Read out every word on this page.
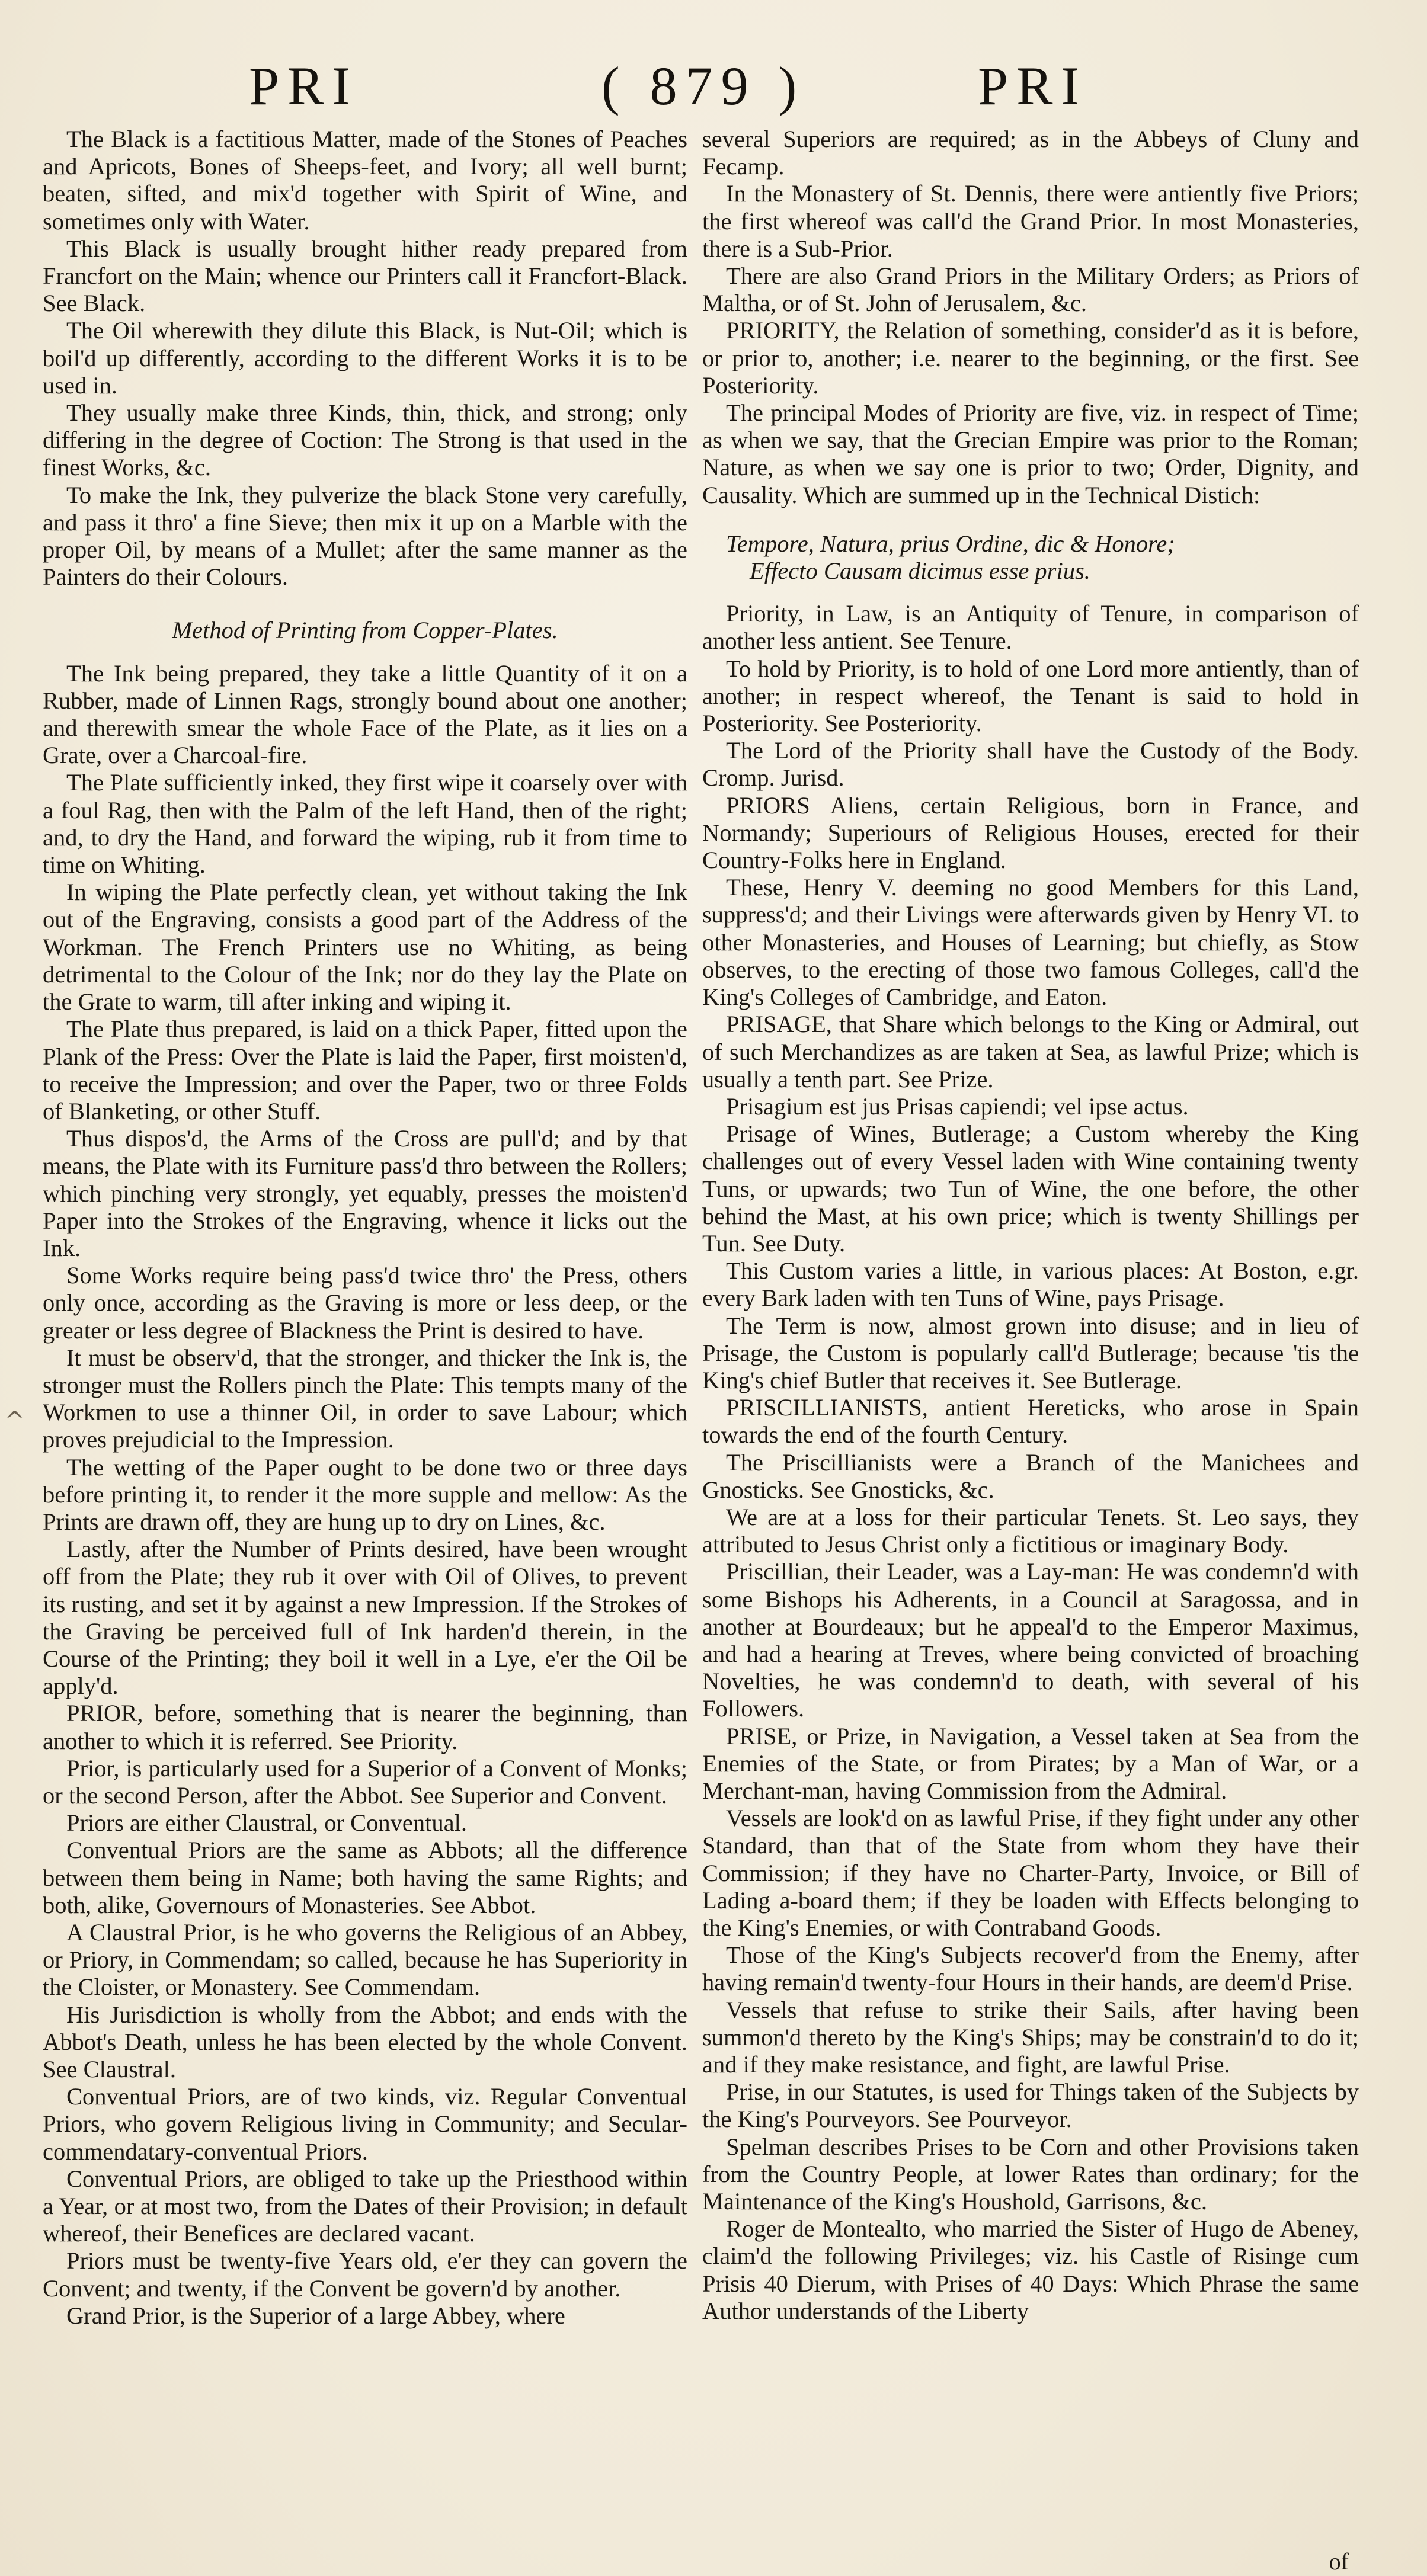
PRI	( 879 )	PRI
^

The Black is a factitious Matter, made of the Stones of Peaches and Apricots, Bones of Sheeps-feet, and Ivory; all well burnt; beaten, sifted, and mix'd together with Spirit of Wine, and sometimes only with Water.

This Black is usually brought hither ready prepared from Francfort on the Main; whence our Printers call it Francfort-Black. See Black.

The Oil wherewith they dilute this Black, is Nut-Oil; which is boil'd up differently, according to the different Works it is to be used in.

They usually make three Kinds, thin, thick, and strong; only differing in the degree of Coction: The Strong is that used in the finest Works, &c.

To make the Ink, they pulverize the black Stone very carefully, and pass it thro' a fine Sieve; then mix it up on a Marble with the proper Oil, by means of a Mullet; after the same manner as the Painters do their Colours.

Method of Printing from Copper-Plates.

The Ink being prepared, they take a little Quantity of it on a Rubber, made of Linnen Rags, strongly bound about one another; and therewith smear the whole Face of the Plate, as it lies on a Grate, over a Charcoal-fire.

The Plate sufficiently inked, they first wipe it coarsely over with a foul Rag, then with the Palm of the left Hand, then of the right; and, to dry the Hand, and forward the wiping, rub it from time to time on Whiting.

In wiping the Plate perfectly clean, yet without taking the Ink out of the Engraving, consists a good part of the Address of the Workman. The French Printers use no Whiting, as being detrimental to the Colour of the Ink; nor do they lay the Plate on the Grate to warm, till after inking and wiping it.

The Plate thus prepared, is laid on a thick Paper, fitted upon the Plank of the Press: Over the Plate is laid the Paper, first moisten'd, to receive the Impression; and over the Paper, two or three Folds of Blanketing, or other Stuff.

Thus dispos'd, the Arms of the Cross are pull'd; and by that means, the Plate with its Furniture pass'd thro between the Rollers; which pinching very strongly, yet equably, presses the moisten'd Paper into the Strokes of the Engraving, whence it licks out the Ink.

Some Works require being pass'd twice thro' the Press, others only once, according as the Graving is more or less deep, or the greater or less degree of Blackness the Print is desired to have.

It must be observ'd, that the stronger, and thicker the Ink is, the stronger must the Rollers pinch the Plate: This tempts many of the Workmen to use a thinner Oil, in order to save Labour; which proves prejudicial to the Impression.

The wetting of the Paper ought to be done two or three days before printing it, to render it the more supple and mellow: As the Prints are drawn off, they are hung up to dry on Lines, &c.

Lastly, after the Number of Prints desired, have been wrought off from the Plate; they rub it over with Oil of Olives, to prevent its rusting, and set it by against a new Impression. If the Strokes of the Graving be perceived full of Ink harden'd therein, in the Course of the Printing; they boil it well in a Lye, e'er the Oil be apply'd.

PRIOR, before, something that is nearer the beginning, than another to which it is referred. See Priority.

Prior, is particularly used for a Superior of a Convent of Monks; or the second Person, after the Abbot. See Superior and Convent.

Priors are either Claustral, or Conventual.

Conventual Priors are the same as Abbots; all the difference between them being in Name; both having the same Rights; and both, alike, Governours of Monasteries. See Abbot.

A Claustral Prior, is he who governs the Religious of an Abbey, or Priory, in Commendam; so called, because he has Superiority in the Cloister, or Monastery. See Commendam.

His Jurisdiction is wholly from the Abbot; and ends with the Abbot's Death, unless he has been elected by the whole Convent. See Claustral.

Conventual Priors, are of two kinds, viz. Regular Conventual Priors, who govern Religious living in Community; and Secular-commendatary-conventual Priors.

Conventual Priors, are obliged to take up the Priesthood within a Year, or at most two, from the Dates of their Provision; in default whereof, their Benefices are declared vacant.

Priors must be twenty-five Years old, e'er they can govern the Convent; and twenty, if the Convent be govern'd by another.

Grand Prior, is the Superior of a large Abbey, where

several Superiors are required; as in the Abbeys of Cluny and Fecamp.

In the Monastery of St. Dennis, there were antiently five Priors; the first whereof was call'd the Grand Prior. In most Monasteries, there is a Sub-Prior.

There are also Grand Priors in the Military Orders; as Priors of Maltha, or of St. John of Jerusalem, &c.

PRIORITY, the Relation of something, consider'd as it is before, or prior to, another; i.e. nearer to the beginning, or the first. See Posteriority.

The principal Modes of Priority are five, viz. in respect of Time; as when we say, that the Grecian Empire was prior to the Roman; Nature, as when we say one is prior to two; Order, Dignity, and Causality. Which are summed up in the Technical Distich:

Tempore, Natura, prius Ordine, dic & Honore;
Effecto Causam dicimus esse prius.

Priority, in Law, is an Antiquity of Tenure, in comparison of another less antient. See Tenure.

To hold by Priority, is to hold of one Lord more antiently, than of another; in respect whereof, the Tenant is said to hold in Posteriority. See Posteriority.

The Lord of the Priority shall have the Custody of the Body. Cromp. Jurisd.

PRIORS Aliens, certain Religious, born in France, and Normandy; Superiours of Religious Houses, erected for their Country-Folks here in England.

These, Henry V. deeming no good Members for this Land, suppress'd; and their Livings were afterwards given by Henry VI. to other Monasteries, and Houses of Learning; but chiefly, as Stow observes, to the erecting of those two famous Colleges, call'd the King's Colleges of Cambridge, and Eaton.

PRISAGE, that Share which belongs to the King or Admiral, out of such Merchandizes as are taken at Sea, as lawful Prize; which is usually a tenth part. See Prize.

Prisagium est jus Prisas capiendi; vel ipse actus.

Prisage of Wines, Butlerage; a Custom whereby the King challenges out of every Vessel laden with Wine containing twenty Tuns, or upwards; two Tun of Wine, the one before, the other behind the Mast, at his own price; which is twenty Shillings per Tun. See Duty.

This Custom varies a little, in various places: At Boston, e.gr. every Bark laden with ten Tuns of Wine, pays Prisage.

The Term is now, almost grown into disuse; and in lieu of Prisage, the Custom is popularly call'd Butlerage; because 'tis the King's chief Butler that receives it. See Butlerage.

PRISCILLIANISTS, antient Hereticks, who arose in Spain towards the end of the fourth Century.

The Priscillianists were a Branch of the Manichees and Gnosticks. See Gnosticks, &c.

We are at a loss for their particular Tenets. St. Leo says, they attributed to Jesus Christ only a fictitious or imaginary Body.

Priscillian, their Leader, was a Lay-man: He was condemn'd with some Bishops his Adherents, in a Council at Saragossa, and in another at Bourdeaux; but he appeal'd to the Emperor Maximus, and had a hearing at Treves, where being convicted of broaching Novelties, he was condemn'd to death, with several of his Followers.

PRISE, or Prize, in Navigation, a Vessel taken at Sea from the Enemies of the State, or from Pirates; by a Man of War, or a Merchant-man, having Commission from the Admiral.

Vessels are look'd on as lawful Prise, if they fight under any other Standard, than that of the State from whom they have their Commission; if they have no Charter-Party, Invoice, or Bill of Lading a-board them; if they be loaden with Effects belonging to the King's Enemies, or with Contraband Goods.

Those of the King's Subjects recover'd from the Enemy, after having remain'd twenty-four Hours in their hands, are deem'd Prise.

Vessels that refuse to strike their Sails, after having been summon'd thereto by the King's Ships; may be constrain'd to do it; and if they make resistance, and fight, are lawful Prise.

Prise, in our Statutes, is used for Things taken of the Subjects by the King's Pourveyors. See Pourveyor.

Spelman describes Prises to be Corn and other Provisions taken from the Country People, at lower Rates than ordinary; for the Maintenance of the King's Houshold, Garrisons, &c.

Roger de Montealto, who married the Sister of Hugo de Abeney, claim'd the following Privileges; viz. his Castle of Risinge cum Prisis 40 Dierum, with Prises of 40 Days: Which Phrase the same Author understands of the Liberty

of
